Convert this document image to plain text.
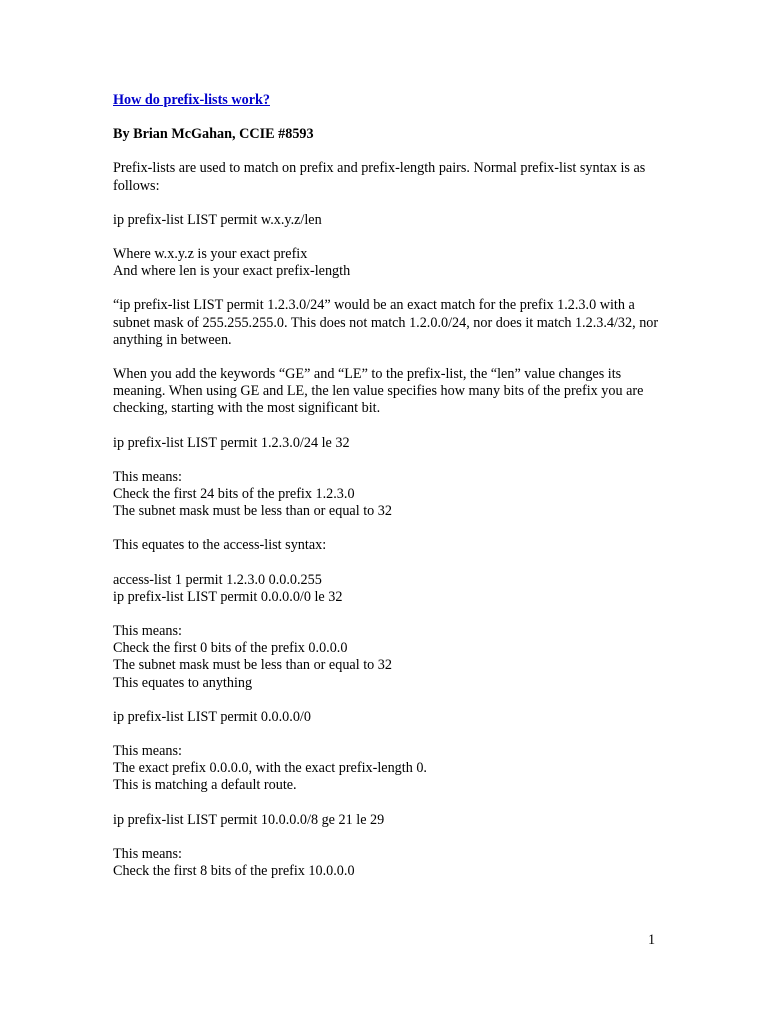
How do prefix-lists work?
By Brian McGahan, CCIE #8593
Prefix-lists are used to match on prefix and prefix-length pairs. Normal prefix-list syntax is as follows:
ip prefix-list LIST permit w.x.y.z/len
Where w.x.y.z is your exact prefix
And where len is your exact prefix-length
“ip prefix-list LIST permit 1.2.3.0/24” would be an exact match for the prefix 1.2.3.0 with a subnet mask of 255.255.255.0. This does not match 1.2.0.0/24, nor does it match 1.2.3.4/32, nor anything in between.
When you add the keywords “GE” and “LE” to the prefix-list, the “len” value changes its meaning. When using GE and LE, the len value specifies how many bits of the prefix you are checking, starting with the most significant bit.
ip prefix-list LIST permit 1.2.3.0/24 le 32
This means:
Check the first 24 bits of the prefix 1.2.3.0
The subnet mask must be less than or equal to 32
This equates to the access-list syntax:
access-list 1 permit 1.2.3.0 0.0.0.255
ip prefix-list LIST permit 0.0.0.0/0 le 32
This means:
Check the first 0 bits of the prefix 0.0.0.0
The subnet mask must be less than or equal to 32
This equates to anything
ip prefix-list LIST permit 0.0.0.0/0
This means:
The exact prefix 0.0.0.0, with the exact prefix-length 0.
This is matching a default route.
ip prefix-list LIST permit 10.0.0.0/8 ge 21 le 29
This means:
Check the first 8 bits of the prefix 10.0.0.0
1
